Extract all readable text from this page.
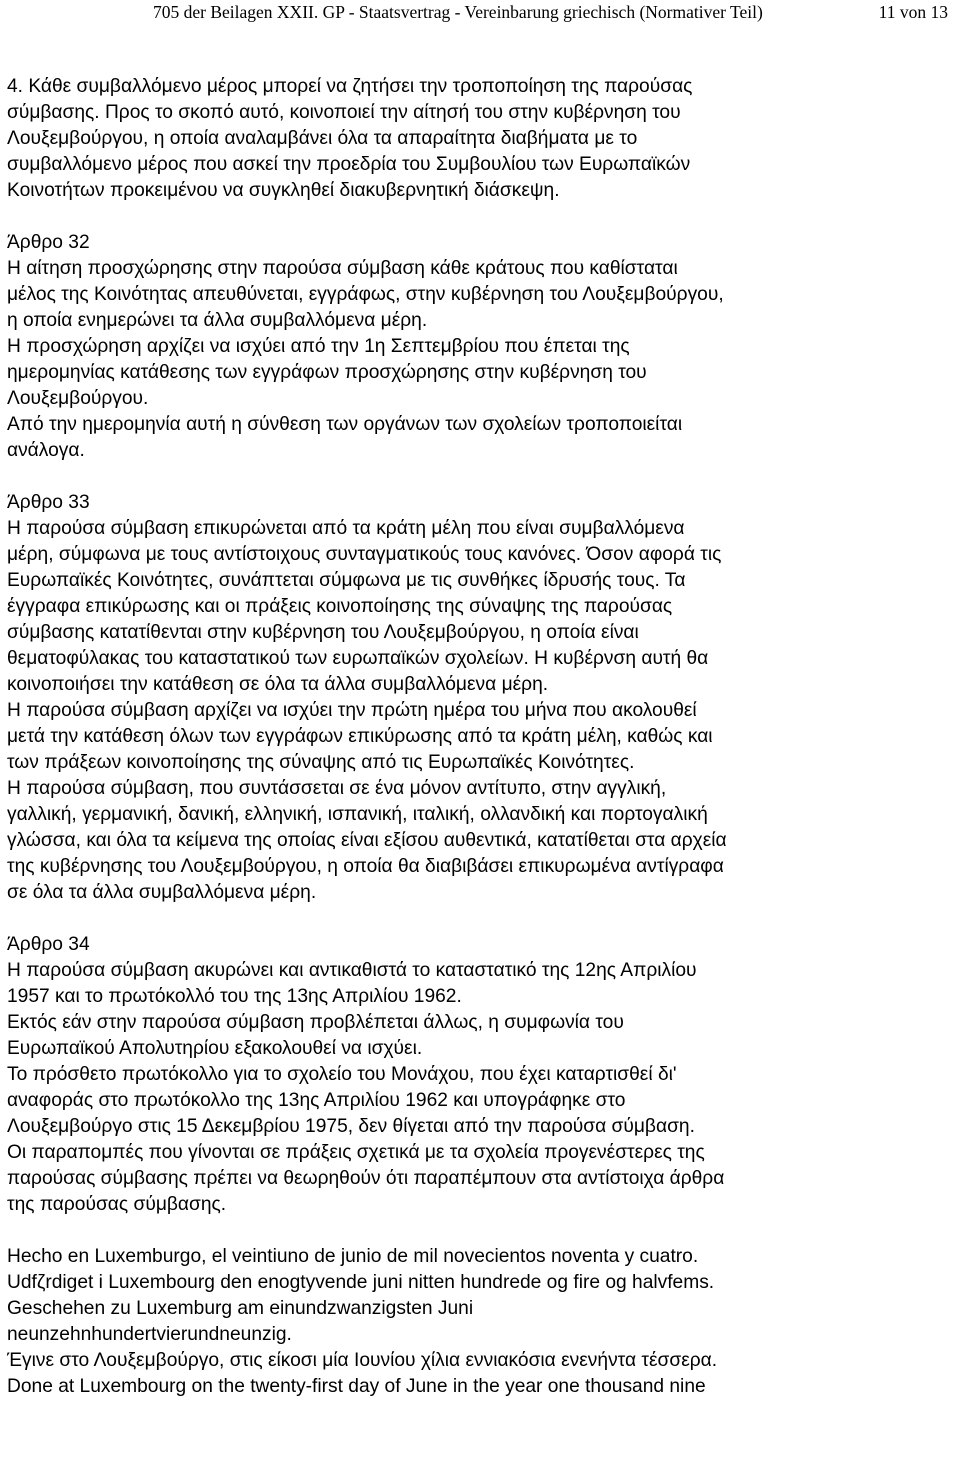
705 der Beilagen XXII. GP - Staatsvertrag - Vereinbarung griechisch (Normativer Teil)	11 von 13
4. Κάθε συμβαλλόμενο μέρος μπορεί να ζητήσει την τροποποίηση της παρούσας
σύμβασης. Προς το σκοπό αυτό, κοινοποιεί την αίτησή του στην κυβέρνηση του
Λουξεμβούργου, η οποία αναλαμβάνει όλα τα απαραίτητα διαβήματα με το
συμβαλλόμενο μέρος που ασκεί την προεδρία του Συμβουλίου των Ευρωπαϊκών
Κοινοτήτων προκειμένου να συγκληθεί διακυβερνητική διάσκεψη.
Άρθρο 32
Η αίτηση προσχώρησης στην παρούσα σύμβαση κάθε κράτους που καθίσταται
μέλος της Κοινότητας απευθύνεται, εγγράφως, στην κυβέρνηση του Λουξεμβούργου,
η οποία ενημερώνει τα άλλα συμβαλλόμενα μέρη.
Η προσχώρηση αρχίζει να ισχύει από την 1η Σεπτεμβρίου που έπεται της
ημερομηνίας κατάθεσης των εγγράφων προσχώρησης στην κυβέρνηση του
Λουξεμβούργου.
Από την ημερομηνία αυτή η σύνθεση των οργάνων των σχολείων τροποποιείται
ανάλογα.
Άρθρο 33
Η παρούσα σύμβαση επικυρώνεται από τα κράτη μέλη που είναι συμβαλλόμενα
μέρη, σύμφωνα με τους αντίστοιχους συνταγματικούς τους κανόνες. Όσον αφορά τις
Ευρωπαϊκές Κοινότητες, συνάπτεται σύμφωνα με τις συνθήκες ίδρυσής τους. Τα
έγγραφα επικύρωσης και οι πράξεις κοινοποίησης της σύναψης της παρούσας
σύμβασης κατατίθενται στην κυβέρνηση του Λουξεμβούργου, η οποία είναι
θεματοφύλακας του καταστατικού των ευρωπαϊκών σχολείων. Η κυβέρνση αυτή θα
κοινοποιήσει την κατάθεση σε όλα τα άλλα συμβαλλόμενα μέρη.
Η παρούσα σύμβαση αρχίζει να ισχύει την πρώτη ημέρα του μήνα που ακολουθεί
μετά την κατάθεση όλων των εγγράφων επικύρωσης από τα κράτη μέλη, καθώς και
των πράξεων κοινοποίησης της σύναψης από τις Ευρωπαϊκές Κοινότητες.
Η παρούσα σύμβαση, που συντάσσεται σε ένα μόνον αντίτυπο, στην αγγλική,
γαλλική, γερμανική, δανική, ελληνική, ισπανική, ιταλική, ολλανδική και πορτογαλική
γλώσσα, και όλα τα κείμενα της οποίας είναι εξίσου αυθεντικά, κατατίθεται στα αρχεία
της κυβέρνησης του Λουξεμβούργου, η οποία θα διαβιβάσει επικυρωμένα αντίγραφα
σε όλα τα άλλα συμβαλλόμενα μέρη.
Άρθρο 34
Η παρούσα σύμβαση ακυρώνει και αντικαθιστά το καταστατικό της 12ης Απριλίου
1957 και το πρωτόκολλό του της 13ης Απριλίου 1962.
Εκτός εάν στην παρούσα σύμβαση προβλέπεται άλλως, η συμφωνία του
Ευρωπαϊκού Απολυτηρίου εξακολουθεί να ισχύει.
Το πρόσθετο πρωτόκολλο για το σχολείο του Μονάχου, που έχει καταρτισθεί δι'
αναφοράς στο πρωτόκολλο της 13ης Απριλίου 1962 και υπογράφηκε στο
Λουξεμβούργο στις 15 Δεκεμβρίου 1975, δεν θίγεται από την παρούσα σύμβαση.
Οι παραπομπές που γίνονται σε πράξεις σχετικά με τα σχολεία προγενέστερες της
παρούσας σύμβασης πρέπει να θεωρηθούν ότι παραπέμπουν στα αντίστοιχα άρθρα
της παρούσας σύμβασης.
Hecho en Luxemburgo, el veintiuno de junio de mil novecientos noventa y cuatro.
Udfζrdiget i Luxembourg den enogtyvende juni nitten hundrede og fire og halvfems.
Geschehen zu Luxemburg am einundzwanzigsten Juni
neunzehnhundertvierundneunzig.
Έγινε στο Λουξεμβούργο, στις είκοσι μία Ιουνίου χίλια εννιακόσια ενενήντα τέσσερα.
Done at Luxembourg on the twenty-first day of June in the year one thousand nine
